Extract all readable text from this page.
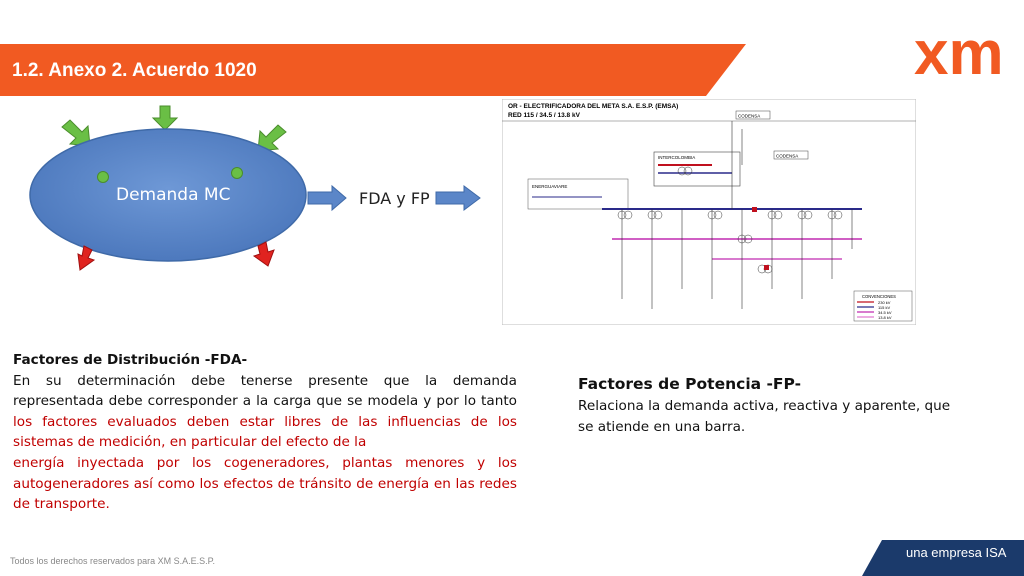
1.2. Anexo 2. Acuerdo 1020	xm
Demanda MC	FDA y FP
OR - ELECTRIFICADORA DEL META S.A. E.S.P. (EMSA)
RED 115 / 34.5 / 13.8 kV	CODENSA
CODENSA
INTERCOLOMBIA
ENERGUAVIARE
CONVENCIONES
230 kV
115 kV
34.5 kV
13.8 kV
Factores de Distribución -FDA-
En su determinación debe tenerse presente que la demanda representada debe corresponder a la carga que se modela y por lo tanto los factores evaluados deben estar libres de las influencias de los sistemas de medición, en particular del efecto de la
energía inyectada por los cogeneradores, plantas menores y los autogeneradores así como los efectos de tránsito de energía en las redes de transporte.
Factores de Potencia -FP-
Relaciona la demanda activa, reactiva y aparente, que se atiende en una barra.
Todos los derechos reservados para XM S.A.E.S.P.
una empresa ISA
